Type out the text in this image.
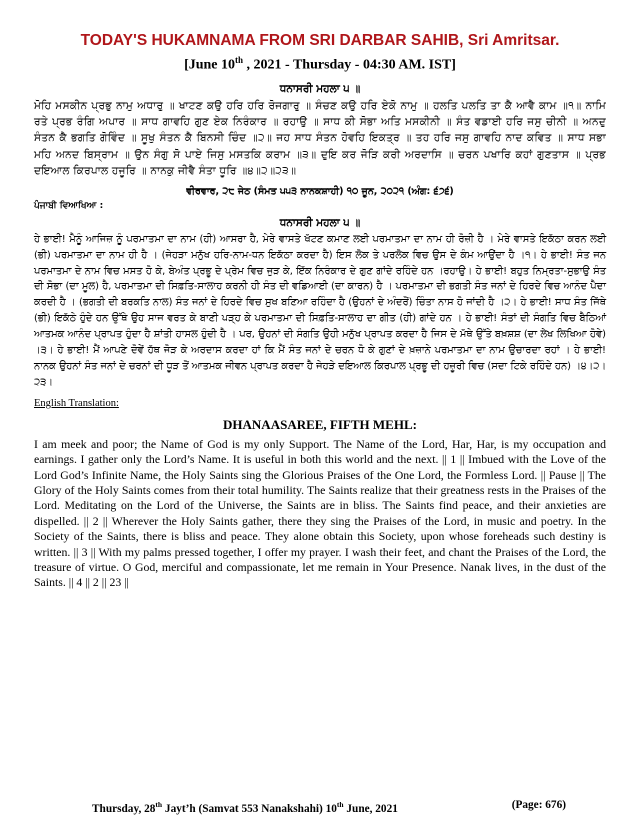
TODAY'S HUKAMNAMA FROM SRI DARBAR SAHIB, Sri Amritsar.
[June 10th , 2021 - Thursday - 04:30 AM. IST]
ਧਨਾਸਰੀ ਮਹਲਾ ੫ ॥
ਮੋਹਿ ਮਸਕੀਨ ਪ੍ਰਭੁ ਨਾਮੁ ਅਧਾਰੁ ॥ ਖਾਟਣ ਕਉ ਹਰਿ ਹਰਿ ਰੋਜਗਾਰੁ ॥ ਸੰਚਣ ਕਉ ਹਰਿ ਏਕੋ ਨਾਮੁ ॥ ਹਲਤਿ ਪਲਤਿ ਤਾ ਕੈ ਆਵੈ ਕਾਮ ॥੧॥ ਨਾਮਿ ਰਤੇ ਪ੍ਰਭ ਰੰਗਿ ਅਪਾਰ ॥ ਸਾਧ ਗਾਵਹਿ ਗੁਣ ਏਕ ਨਿਰੰਕਾਰ ॥ ਰਹਾਉ ॥ ਸਾਧ ਕੀ ਸੋਭਾ ਅਤਿ ਮਸਕੀਨੀ ॥ ਸੰਤ ਵਡਾਈ ਹਰਿ ਜਸੁ ਚੀਨੀ ॥ ਅਨਦੁ ਸੰਤਨ ਕੈ ਭਗਤਿ ਗੋਵਿੰਦ ॥ ਸੂਖੁ ਸੰਤਨ ਕੈ ਬਿਨਸੀ ਚਿੰਦ ॥੨॥ ਜਹ ਸਾਧ ਸੰਤਨ ਹੋਵਹਿ ਇਕਤ੍ਰ ॥ ਤਹ ਹਰਿ ਜਸੁ ਗਾਵਹਿ ਨਾਦ ਕਵਿਤ ॥ ਸਾਧ ਸਭਾ ਮਹਿ ਅਨਦ ਬਿਸ੍ਰਾਮ ॥ ਉਨ ਸੰਗੁ ਸੋ ਪਾਏ ਜਿਸੁ ਮਸਤਕਿ ਕਰਾਮ ॥੩॥ ਦੁਇ ਕਰ ਜੋੜਿ ਕਰੀ ਅਰਦਾਸਿ ॥ ਚਰਨ ਪਖਾਰਿ ਕਹਾਂ ਗੁਣਤਾਸ ॥ ਪ੍ਰਭ ਦਇਆਲ ਕਿਰਪਾਲ ਹਜੂਰਿ ॥ ਨਾਨਕੁ ਜੀਵੈ ਸੰਤਾ ਧੂਰਿ ॥੪॥੨॥੨੩॥
ਵੀਰਵਾਰ, ੨੮ ਜੇਠ (ਸੰਮਤ ੫੫੩ ਨਾਨਕਸ਼ਾਹੀ) ੧੦ ਜੂਨ, ੨੦੨੧ (ਅੰਗ: ੬੭੬)
ਪੰਜਾਬੀ ਵਿਆਖਿਆ :
ਧਨਾਸਰੀ ਮਹਲਾ ੫ ॥
ਹੇ ਭਾਈ! ਮੈਨੂੰ ਆਜਿਜ਼ ਨੂੰ ਪਰਮਾਤਮਾ ਦਾ ਨਾਮ (ਹੀ) ਆਸਰਾ ਹੈ, ਮੇਰੇ ਵਾਸਤੇ ਖੱਟਣ ਕਮਾਣ ਲਈ ਪਰਮਾਤਮਾ ਦਾ ਨਾਮ ਹੀ ਰੋਜ਼ੀ ਹੈ । ਮੇਰੇ ਵਾਸਤੇ ਇਕੱਠਾ ਕਰਨ ਲਈ (ਭੀ) ਪਰਮਾਤਮਾ ਦਾ ਨਾਮ ਹੀ ਹੈ । (ਜੇਹੜਾ ਮਨੁੱਖ ਹਰਿ-ਨਾਮ-ਧਨ ਇਕੱਠਾ ਕਰਦਾ ਹੈ) ਇਸ ਲੋਕ ਤੇ ਪਰਲੋਕ ਵਿਚ ਉਸ ਦੇ ਕੰਮ ਆਉਂਦਾ ਹੈ ।੧। ਹੇ ਭਾਈ! ਸੰਤ ਜਨ ਪਰਮਾਤਮਾ ਦੇ ਨਾਮ ਵਿਚ ਮਸਤ ਹੋ ਕੇ, ਬੇਅੰਤ ਪ੍ਰਭੂ ਦੇ ਪ੍ਰੇਮ ਵਿਚ ਜੁੜ ਕੇ, ਇੱਕ ਨਿਰੰਕਾਰ ਦੇ ਗੁਣ ਗਾਂਦੇ ਰਹਿੰਦੇ ਹਨ ।ਰਹਾਉ। ਹੇ ਭਾਈ! ਬਹੁਤ ਨਿਮ੍ਰਤਾ-ਸੁਭਾਉ ਸੰਤ ਦੀ ਸੋਭਾ (ਦਾ ਮੂਲ) ਹੈ, ਪਰਮਾਤਮਾ ਦੀ ਸਿਫ਼ਤਿ-ਸਾਲਾਹ ਕਰਨੀ ਹੀ ਸੰਤ ਦੀ ਵਡਿਆਈ (ਦਾ ਕਾਰਨ) ਹੈ । ਪਰਮਾਤਮਾ ਦੀ ਭਗਤੀ ਸੰਤ ਜਨਾਂ ਦੇ ਹਿਰਦੇ ਵਿਚ ਆਨੰਦ ਪੈਦਾ ਕਰਦੀ ਹੈ । (ਭਗਤੀ ਦੀ ਬਰਕਤਿ ਨਾਲ) ਸੰਤ ਜਨਾਂ ਦੇ ਹਿਰਦੇ ਵਿਚ ਸੁਖ ਬਣਿਆ ਰਹਿੰਦਾ ਹੈ (ਉਹਨਾਂ ਦੇ ਅੰਦਰੋਂ) ਚਿੰਤਾ ਨਾਸ ਹੋ ਜਾਂਦੀ ਹੈ ।੨। ਹੇ ਭਾਈ! ਸਾਧ ਸੰਤ ਜਿੱਥੇ (ਭੀ) ਇਕੱਠੇ ਹੁੰਦੇ ਹਨ ਉੱਥੇ ਉਹ ਸਾਜ ਵਰਤ ਕੇ ਬਾਣੀ ਪੜ੍ਹ ਕੇ ਪਰਮਾਤਮਾ ਦੀ ਸਿਫ਼ਤਿ-ਸਾਲਾਹ ਦਾ ਗੀਤ (ਹੀ) ਗਾਂਦੇ ਹਨ । ਹੇ ਭਾਈ! ਸੰਤਾਂ ਦੀ ਸੰਗਤਿ ਵਿਚ ਬੈਠਿਆਂ ਆਤਮਕ ਆਨੰਦ ਪ੍ਰਾਪਤ ਹੁੰਦਾ ਹੈ ਸ਼ਾਂਤੀ ਹਾਸਲ ਹੁੰਦੀ ਹੈ । ਪਰ, ਉਹਨਾਂ ਦੀ ਸੰਗਤਿ ਉਹੀ ਮਨੁੱਖ ਪ੍ਰਾਪਤ ਕਰਦਾ ਹੈ ਜਿਸ ਦੇ ਮੱਥੇ ਉੱਤੇ ਬਖ਼ਸ਼ਸ਼ (ਦਾ ਲੇਖ ਲਿਖਿਆ ਹੋਵੇ) ।੩। ਹੇ ਭਾਈ! ਮੈਂ ਆਪਣੇ ਦੋਵੇਂ ਹੱਥ ਜੋੜ ਕੇ ਅਰਦਾਸ ਕਰਦਾ ਹਾਂ ਕਿ ਮੈਂ ਸੰਤ ਜਨਾਂ ਦੇ ਚਰਨ ਧੋ ਕੇ ਗੁਣਾਂ ਦੇ ਖ਼ਜ਼ਾਨੇ ਪਰਮਾਤਮਾ ਦਾ ਨਾਮ ਉਚਾਰਦਾ ਰਹਾਂ । ਹੇ ਭਾਈ! ਨਾਨਕ ਉਹਨਾਂ ਸੰਤ ਜਨਾਂ ਦੇ ਚਰਨਾਂ ਦੀ ਧੂੜ ਤੋਂ ਆਤਮਕ ਜੀਵਨ ਪ੍ਰਾਪਤ ਕਰਦਾ ਹੈ ਜੇਹੜੇ ਦਇਆਲ ਕਿਰਪਾਲ ਪ੍ਰਭੂ ਦੀ ਹਜ਼ੂਰੀ ਵਿਚ (ਸਦਾ ਟਿਕੇ ਰਹਿੰਦੇ ਹਨ) ।੪।੨।੨੩।
English Translation:
DHANAASAREE, FIFTH MEHL:
I am meek and poor; the Name of God is my only Support. The Name of the Lord, Har, Har, is my occupation and earnings. I gather only the Lord’s Name. It is useful in both this world and the next. || 1 || Imbued with the Love of the Lord God’s Infinite Name, the Holy Saints sing the Glorious Praises of the One Lord, the Formless Lord. || Pause || The Glory of the Holy Saints comes from their total humility. The Saints realize that their greatness rests in the Praises of the Lord. Meditating on the Lord of the Universe, the Saints are in bliss. The Saints find peace, and their anxieties are dispelled. || 2 || Wherever the Holy Saints gather, there they sing the Praises of the Lord, in music and poetry. In the Society of the Saints, there is bliss and peace. They alone obtain this Society, upon whose foreheads such destiny is written. || 3 || With my palms pressed together, I offer my prayer. I wash their feet, and chant the Praises of the Lord, the treasure of virtue. O God, merciful and compassionate, let me remain in Your Presence. Nanak lives, in the dust of the Saints. || 4 || 2 || 23 ||
Thursday, 28th Jayt’h (Samvat 553 Nanakshahi) 10th June, 2021	(Page: 676)
